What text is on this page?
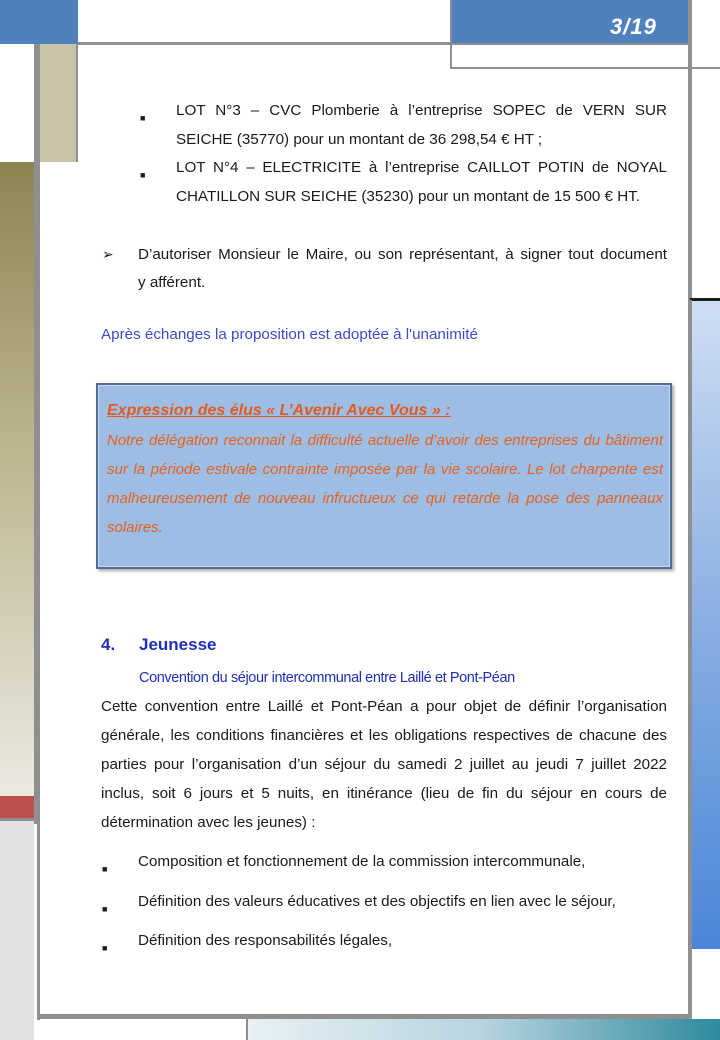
3/19
■ LOT N°3 – CVC Plomberie à l’entreprise SOPEC de VERN SUR
SEICHE (35770) pour un montant de 36 298,54 € HT ;
■ LOT N°4 – ELECTRICITE à l’entreprise CAILLOT POTIN de NOYAL
CHATILLON SUR SEICHE (35230) pour un montant de 15 500 € HT.
➢ D’autoriser Monsieur le Maire, ou son représentant, à signer tout document
y afférent.
Après échanges la proposition est adoptée à l'unanimité
Expression des élus « L’Avenir Avec Vous » :
Notre délégation reconnait la difficulté actuelle d’avoir des entreprises du bâtiment sur la période estivale contrainte imposée par la vie scolaire. Le lot charpente est malheureusement de nouveau infructueux ce qui retarde la pose des panneaux solaires.
4. Jeunesse
Convention du séjour intercommunal entre Laillé et Pont-Péan
Cette convention entre Laillé et Pont-Péan a pour objet de définir l’organisation générale, les conditions financières et les obligations respectives de chacune des parties pour l’organisation d’un séjour du samedi 2 juillet au jeudi 7 juillet 2022 inclus, soit 6 jours et 5 nuits, en itinérance (lieu de fin du séjour en cours de détermination avec les jeunes) :
■ Composition et fonctionnement de la commission intercommunale,
■ Définition des valeurs éducatives et des objectifs en lien avec le séjour,
■ Définition des responsabilités légales,
